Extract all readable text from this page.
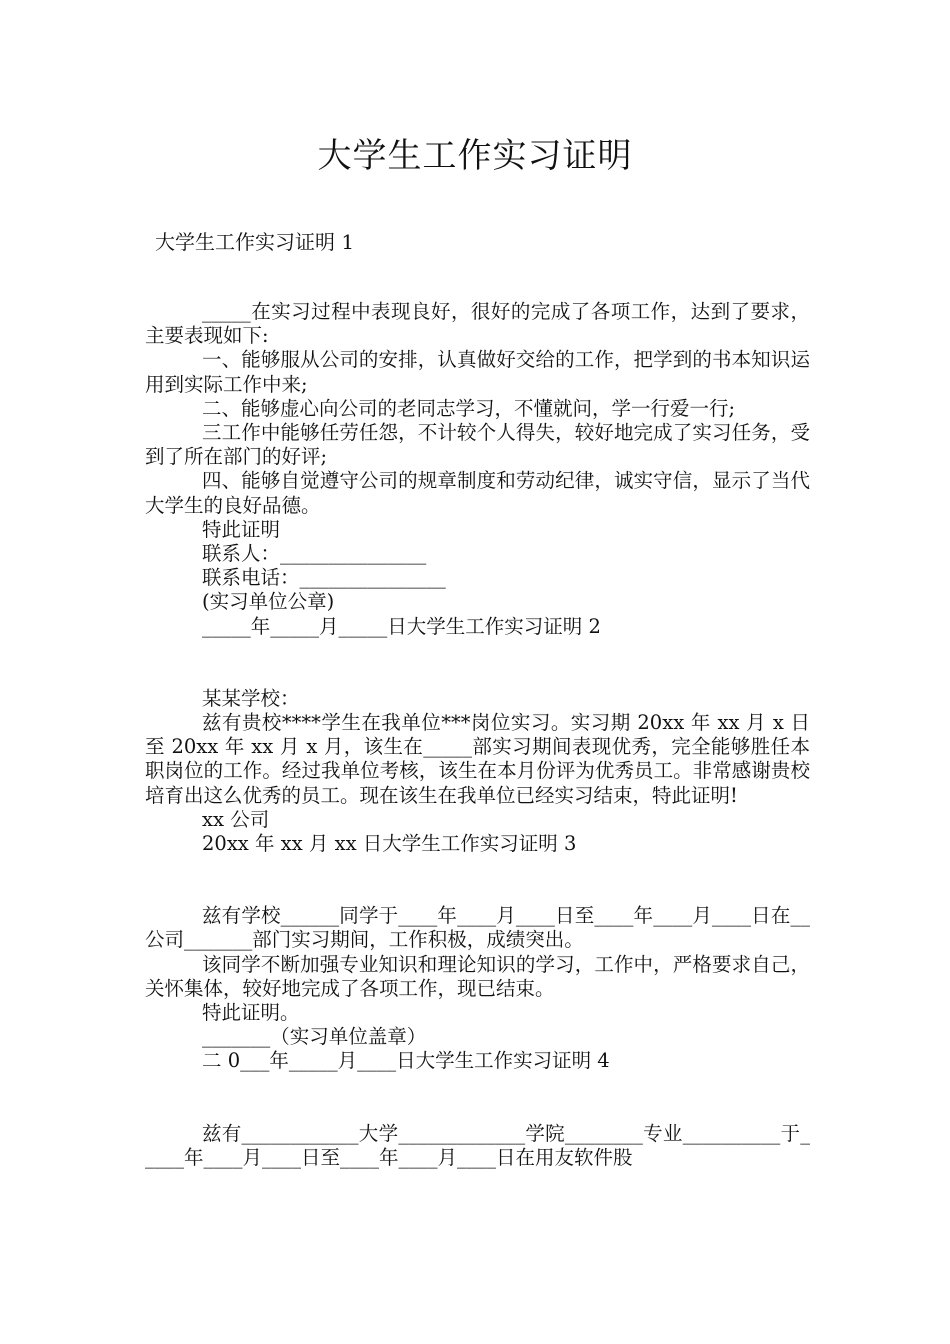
大学生工作实习证明
大学生工作实习证明 1

_____在实习过程中表现良好，很好的完成了各项工作，达到了要求，主要表现如下:

一、能够服从公司的安排，认真做好交给的工作，把学到的书本知识运用到实际工作中来;

二、能够虚心向公司的老同志学习，不懂就问，学一行爱一行;

三工作中能够任劳任怨，不计较个人得失，较好地完成了实习任务，受到了所在部门的好评;

四、能够自觉遵守公司的规章制度和劳动纪律，诚实守信，显示了当代大学生的良好品德。

特此证明

联系人：_______________

联系电话：_______________

(实习单位公章)

_____年_____月_____日大学生工作实习证明 2

某某学校：

兹有贵校****学生在我单位***岗位实习。实习期 20xx 年 xx 月 x 日至 20xx 年 xx 月 x 月，该生在_____部实习期间表现优秀，完全能够胜任本职岗位的工作。经过我单位考核，该生在本月份评为优秀员工。非常感谢贵校培育出这么优秀的员工。现在该生在我单位已经实习结束，特此证明!

xx 公司

20xx 年 xx 月 xx 日大学生工作实习证明 3

兹有学校______同学于____年____月____日至____年____月____日在__公司_______部门实习期间，工作积极，成绩突出。

该同学不断加强专业知识和理论知识的学习，工作中，严格要求自己，关怀集体，较好地完成了各项工作，现已结束。

特此证明。

_______（实习单位盖章）

二 0___年_____月____日大学生工作实习证明 4

兹有____________大学_____________学院________专业__________于_____年____月____日至____年____月____日在用友软件股
